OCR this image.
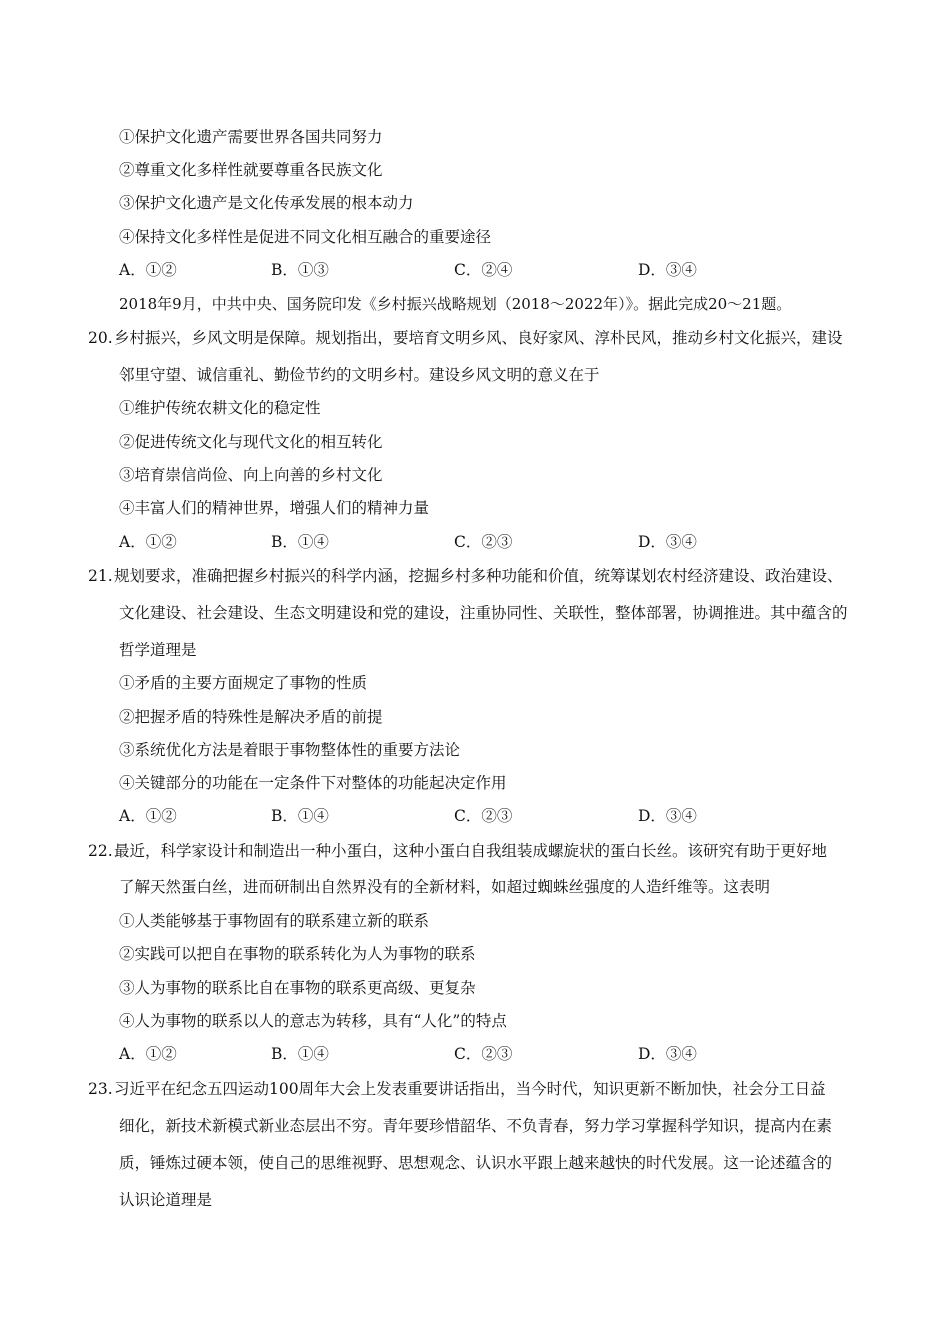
①保护文化遗产需要世界各国共同努力
②尊重文化多样性就要尊重各民族文化
③保护文化遗产是文化传承发展的根本动力
④保持文化多样性是促进不同文化相互融合的重要途径
A．①②	B．①③	C．②④	D．③④
2018年9月，中共中央、国务院印发《乡村振兴战略规划（2018～2022年）》。据此完成20～21题。
20. 乡村振兴，乡风文明是保障。规划指出，要培育文明乡风、良好家风、淳朴民风，推动乡村文化振兴，建设
邻里守望、诚信重礼、勤俭节约的文明乡村。建设乡风文明的意义在于
①维护传统农耕文化的稳定性
②促进传统文化与现代文化的相互转化
③培育崇信尚俭、向上向善的乡村文化
④丰富人们的精神世界，增强人们的精神力量
A．①②	B．①④	C．②③	D．③④
21. 规划要求，准确把握乡村振兴的科学内涵，挖掘乡村多种功能和价值，统筹谋划农村经济建设、政治建设、
文化建设、社会建设、生态文明建设和党的建设，注重协同性、关联性，整体部署，协调推进。其中蕴含的
哲学道理是
①矛盾的主要方面规定了事物的性质
②把握矛盾的特殊性是解决矛盾的前提
③系统优化方法是着眼于事物整体性的重要方法论
④关键部分的功能在一定条件下对整体的功能起决定作用
A．①②	B．①④	C．②③	D．③④
22. 最近，科学家设计和制造出一种小蛋白，这种小蛋白自我组装成螺旋状的蛋白长丝。该研究有助于更好地
了解天然蛋白丝，进而研制出自然界没有的全新材料，如超过蜘蛛丝强度的人造纤维等。这表明
①人类能够基于事物固有的联系建立新的联系
②实践可以把自在事物的联系转化为人为事物的联系
③人为事物的联系比自在事物的联系更高级、更复杂
④人为事物的联系以人的意志为转移，具有“人化”的特点
A．①②	B．①④	C．②③	D．③④
23. 习近平在纪念五四运动100周年大会上发表重要讲话指出，当今时代，知识更新不断加快，社会分工日益
细化，新技术新模式新业态层出不穷。青年要珍惜韶华、不负青春，努力学习掌握科学知识，提高内在素
质，锤炼过硬本领，使自己的思维视野、思想观念、认识水平跟上越来越快的时代发展。这一论述蕴含的
认识论道理是
